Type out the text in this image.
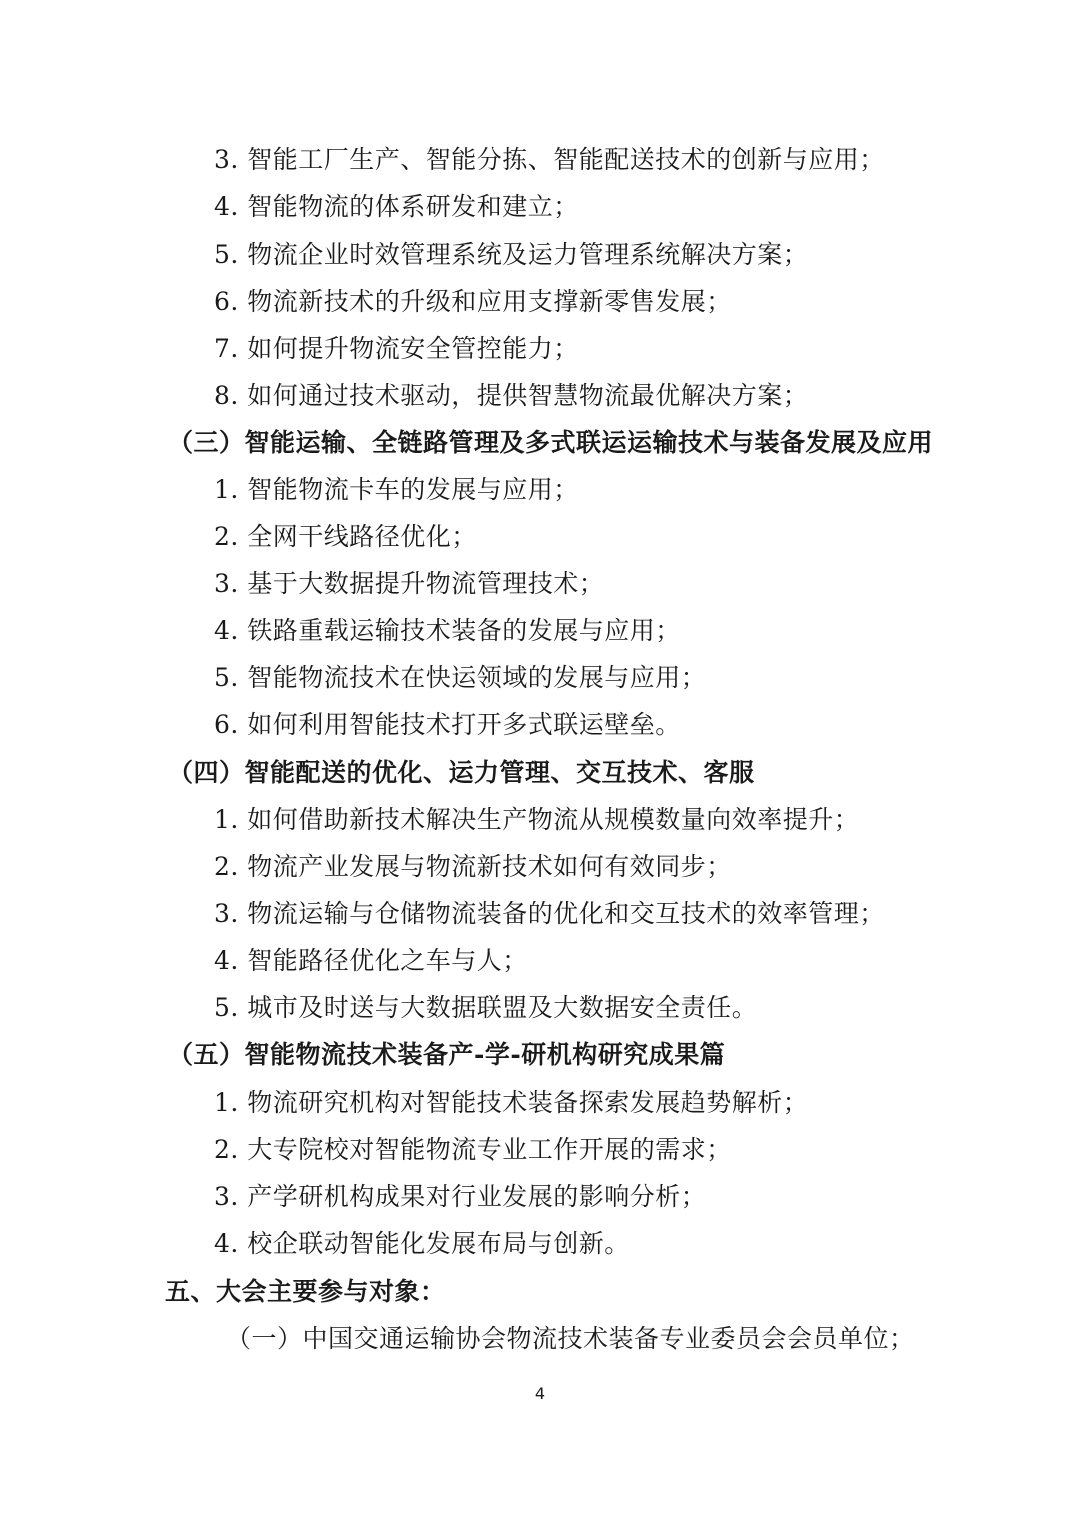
3. 智能工厂生产、智能分拣、智能配送技术的创新与应用；
4. 智能物流的体系研发和建立；
5. 物流企业时效管理系统及运力管理系统解决方案；
6. 物流新技术的升级和应用支撑新零售发展；
7. 如何提升物流安全管控能力；
8. 如何通过技术驱动，提供智慧物流最优解决方案；
（三）智能运输、全链路管理及多式联运运输技术与装备发展及应用
1. 智能物流卡车的发展与应用；
2. 全网干线路径优化；
3. 基于大数据提升物流管理技术；
4. 铁路重载运输技术装备的发展与应用；
5. 智能物流技术在快运领域的发展与应用；
6. 如何利用智能技术打开多式联运壁垒。
（四）智能配送的优化、运力管理、交互技术、客服
1. 如何借助新技术解决生产物流从规模数量向效率提升；
2. 物流产业发展与物流新技术如何有效同步；
3. 物流运输与仓储物流装备的优化和交互技术的效率管理；
4. 智能路径优化之车与人；
5. 城市及时送与大数据联盟及大数据安全责任。
（五）智能物流技术装备产-学-研机构研究成果篇
1. 物流研究机构对智能技术装备探索发展趋势解析；
2. 大专院校对智能物流专业工作开展的需求；
3. 产学研机构成果对行业发展的影响分析；
4. 校企联动智能化发展布局与创新。
五、大会主要参与对象：
（一）中国交通运输协会物流技术装备专业委员会会员单位；
4
